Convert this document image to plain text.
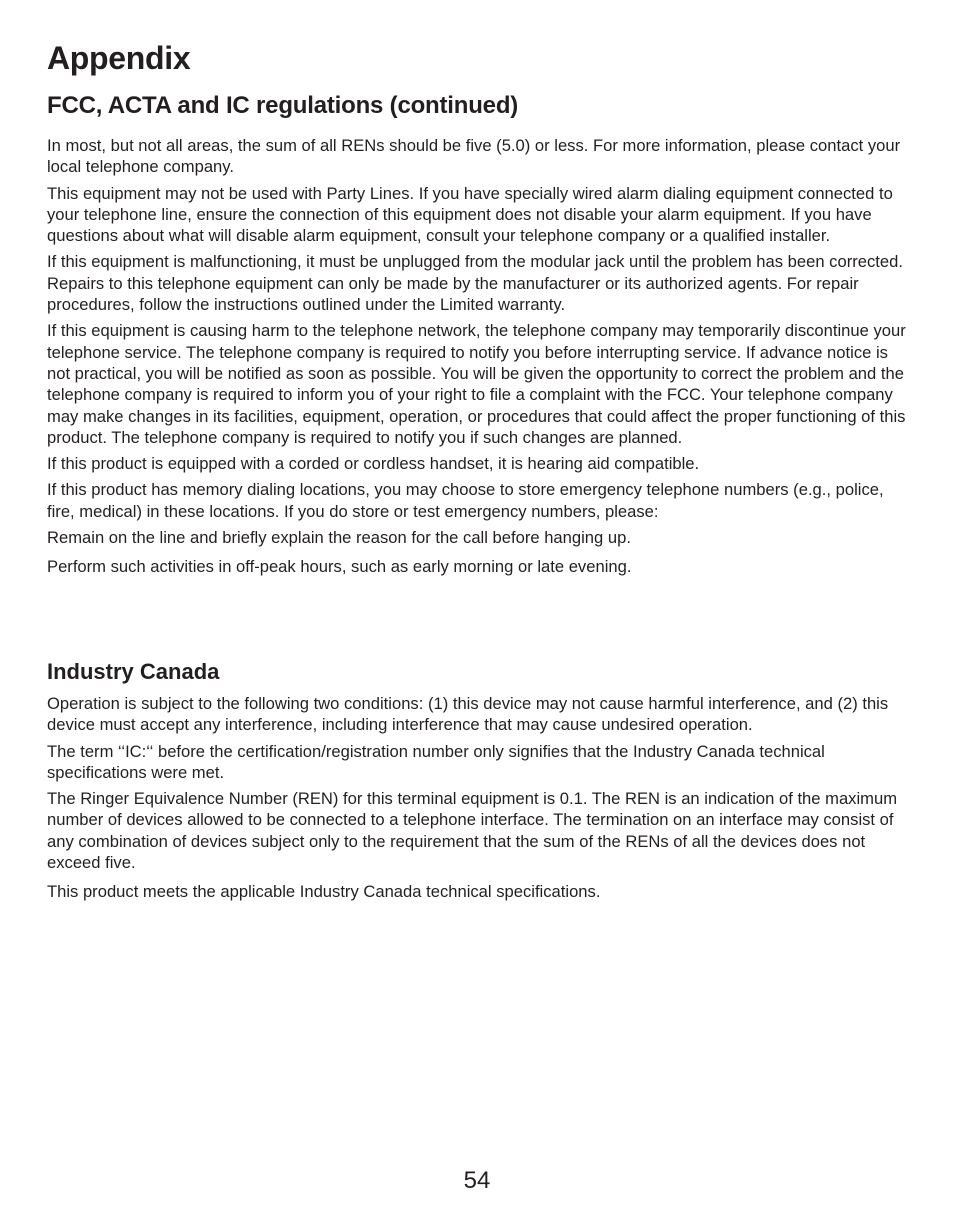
Appendix
FCC, ACTA and IC regulations (continued)

In most, but not all areas, the sum of all RENs should be five (5.0) or less. For more information, please contact your local telephone company.

This equipment may not be used with Party Lines. If you have specially wired alarm dialing equipment connected to your telephone line, ensure the connection of this equipment does not disable your alarm equipment. If you have questions about what will disable alarm equipment, consult your telephone company or a qualified installer.

If this equipment is malfunctioning, it must be unplugged from the modular jack until the problem has been corrected. Repairs to this telephone equipment can only be made by the manufacturer or its authorized agents. For repair procedures, follow the instructions outlined under the Limited warranty.

If this equipment is causing harm to the telephone network, the telephone company may temporarily discontinue your telephone service. The telephone company is required to notify you before interrupting service. If advance notice is not practical, you will be notified as soon as possible. You will be given the opportunity to correct the problem and the telephone company is required to inform you of your right to file a complaint with the FCC. Your telephone company may make changes in its facilities, equipment, operation, or procedures that could affect the proper functioning of this product. The telephone company is required to notify you if such changes are planned.

If this product is equipped with a corded or cordless handset, it is hearing aid compatible.

If this product has memory dialing locations, you may choose to store emergency telephone numbers (e.g., police, fire, medical) in these locations. If you do store or test emergency numbers, please:

Remain on the line and briefly explain the reason for the call before hanging up.

Perform such activities in off-peak hours, such as early morning or late evening.

Industry Canada

Operation is subject to the following two conditions: (1) this device may not cause harmful interference, and (2) this device must accept any interference, including interference that may cause undesired operation.

The term ‘‘IC:‘‘ before the certification/registration number only signifies that the Industry Canada technical specifications were met.

The Ringer Equivalence Number (REN) for this terminal equipment is 0.1. The REN is an indication of the maximum number of devices allowed to be connected to a telephone interface. The termination on an interface may consist of any combination of devices subject only to the requirement that the sum of the RENs of all the devices does not exceed five.

This product meets the applicable Industry Canada technical specifications.

54
